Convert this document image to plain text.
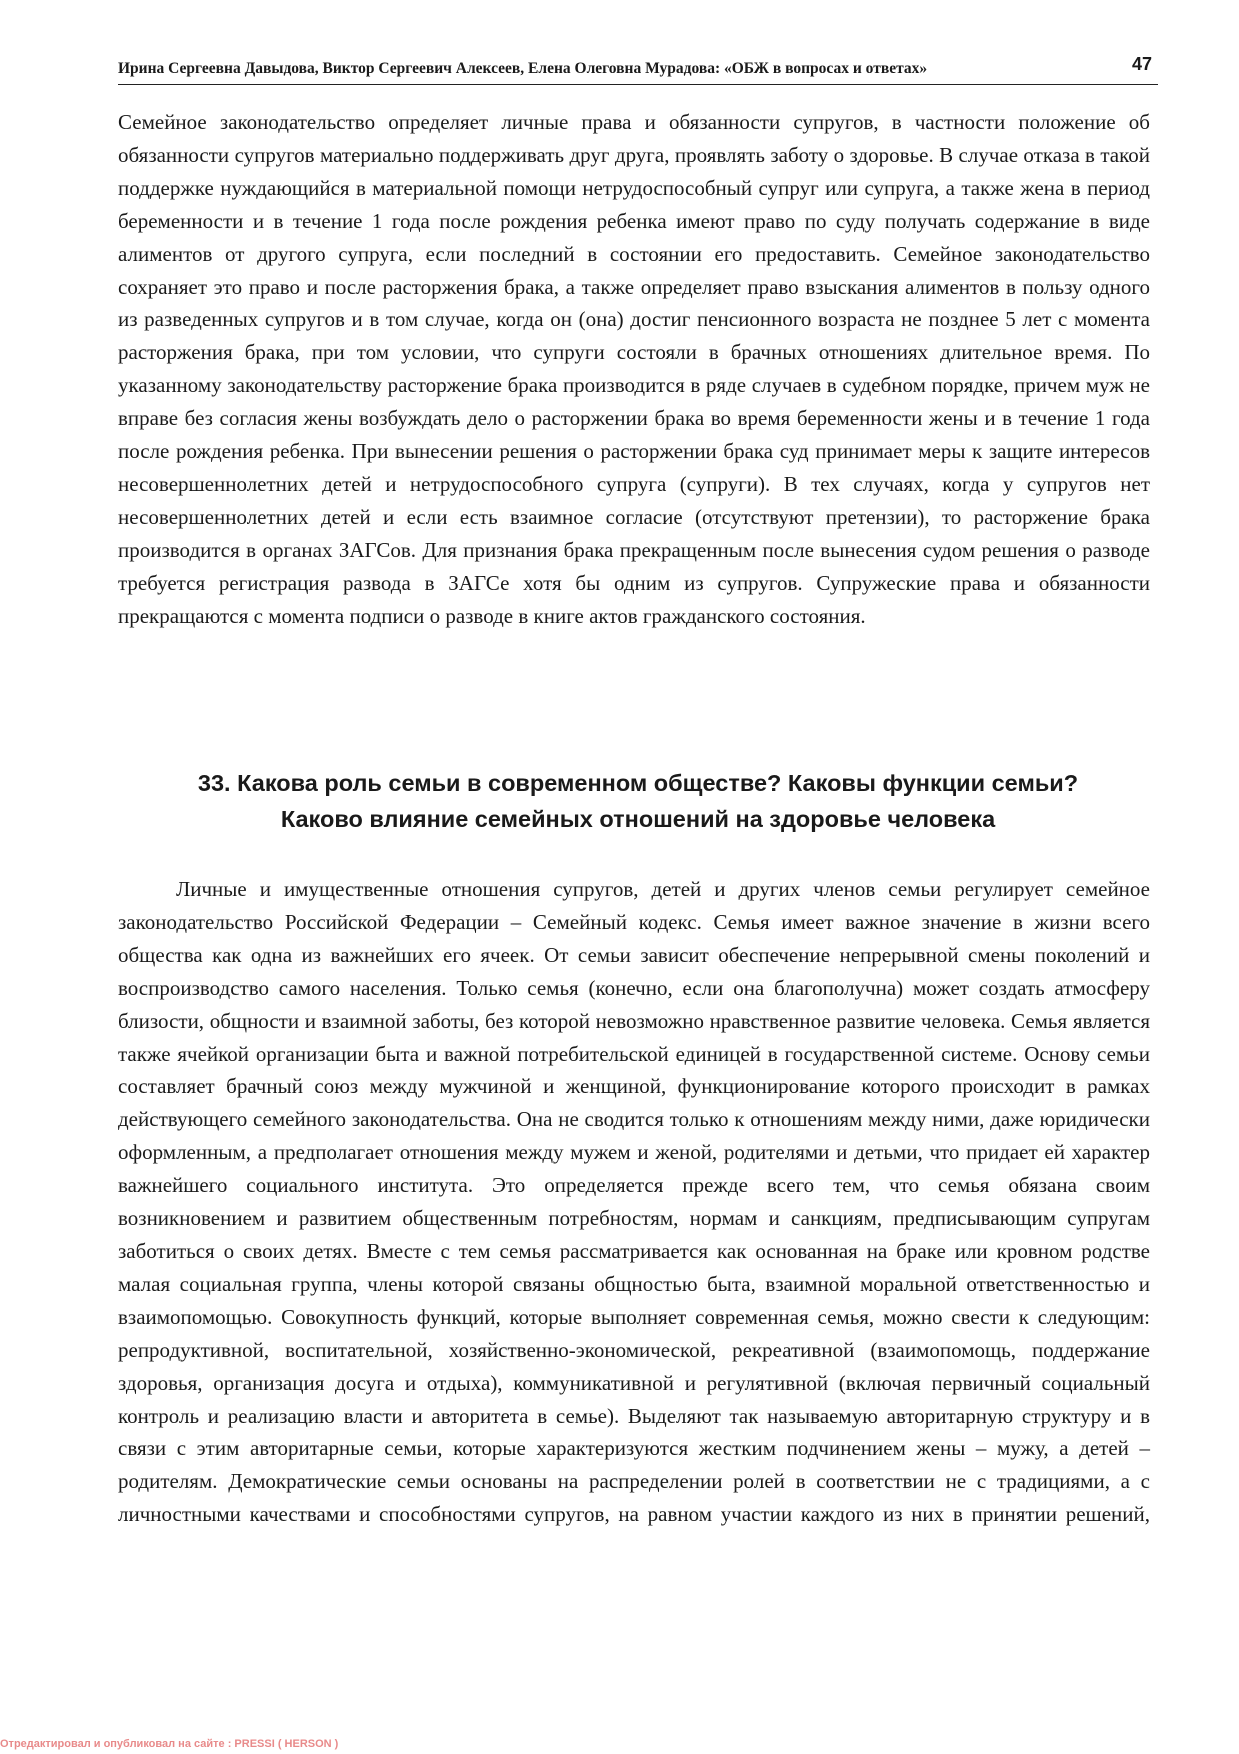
Ирина Сергеевна Давыдова, Виктор Сергеевич Алексеев, Елена Олеговна Мурадова: «ОБЖ в вопросах и ответах»	47

Семейное законодательство определяет личные права и обязанности супругов, в частности положение об обязанности супругов материально поддерживать друг друга, проявлять заботу о здоровье. В случае отказа в такой поддержке нуждающийся в материальной помощи нетрудоспособный супруг или супруга, а также жена в период беременности и в течение 1 года после рождения ребенка имеют право по суду получать содержание в виде алиментов от другого супруга, если последний в состоянии его предоставить. Семейное законодательство сохраняет это право и после расторжения брака, а также определяет право взыскания алиментов в пользу одного из разведенных супругов и в том случае, когда он (она) достиг пенсионного возраста не позднее 5 лет с момента расторжения брака, при том условии, что супруги состояли в брачных отношениях длительное время. По указанному законодательству расторжение брака производится в ряде случаев в судебном порядке, причем муж не вправе без согласия жены возбуждать дело о расторжении брака во время беременности жены и в течение 1 года после рождения ребенка. При вынесении решения о расторжении брака суд принимает меры к защите интересов несовершеннолетних детей и нетрудоспособного супруга (супруги). В тех случаях, когда у супругов нет несовершеннолетних детей и если есть взаимное согласие (отсутствуют претензии), то расторжение брака производится в органах ЗАГСов. Для признания брака прекращенным после вынесения судом решения о разводе требуется регистрация развода в ЗАГСе хотя бы одним из супругов. Супружеские права и обязанности прекращаются с момента подписи о разводе в книге актов гражданского состояния.

33. Какова роль семьи в современном обществе? Каковы функции семьи?
Каково влияние семейных отношений на здоровье человека

Личные и имущественные отношения супругов, детей и других членов семьи регулирует семейное законодательство Российской Федерации – Семейный кодекс. Семья имеет важное значение в жизни всего общества как одна из важнейших его ячеек. От семьи зависит обеспечение непрерывной смены поколений и воспроизводство самого населения. Только семья (конечно, если она благополучна) может создать атмосферу близости, общности и взаимной заботы, без которой невозможно нравственное развитие человека. Семья является также ячейкой организации быта и важной потребительской единицей в государственной системе. Основу семьи составляет брачный союз между мужчиной и женщиной, функционирование которого происходит в рамках действующего семейного законодательства. Она не сводится только к отношениям между ними, даже юридически оформленным, а предполагает отношения между мужем и женой, родителями и детьми, что придает ей характер важнейшего социального института. Это определяется прежде всего тем, что семья обязана своим возникновением и развитием общественным потребностям, нормам и санкциям, предписывающим супругам заботиться о своих детях. Вместе с тем семья рассматривается как основанная на браке или кровном родстве малая социальная группа, члены которой связаны общностью быта, взаимной моральной ответственностью и взаимопомощью. Совокупность функций, которые выполняет современная семья, можно свести к следующим: репродуктивной, воспитательной, хозяйственно-экономической, рекреативной (взаимопомощь, поддержание здоровья, организация досуга и отдыха), коммуникативной и регулятивной (включая первичный социальный контроль и реализацию власти и авторитета в семье). Выделяют так называемую авторитарную структуру и в связи с этим авторитарные семьи, которые характеризуются жестким подчинением жены – мужу, а детей – родителям. Демократические семьи основаны на распределении ролей в соответствии не с традициями, а с личностными качествами и способностями супругов, на равном участии каждого из них в принятии решений,

Отредактировал и опубликовал на сайте : PRESSI ( HERSON )
